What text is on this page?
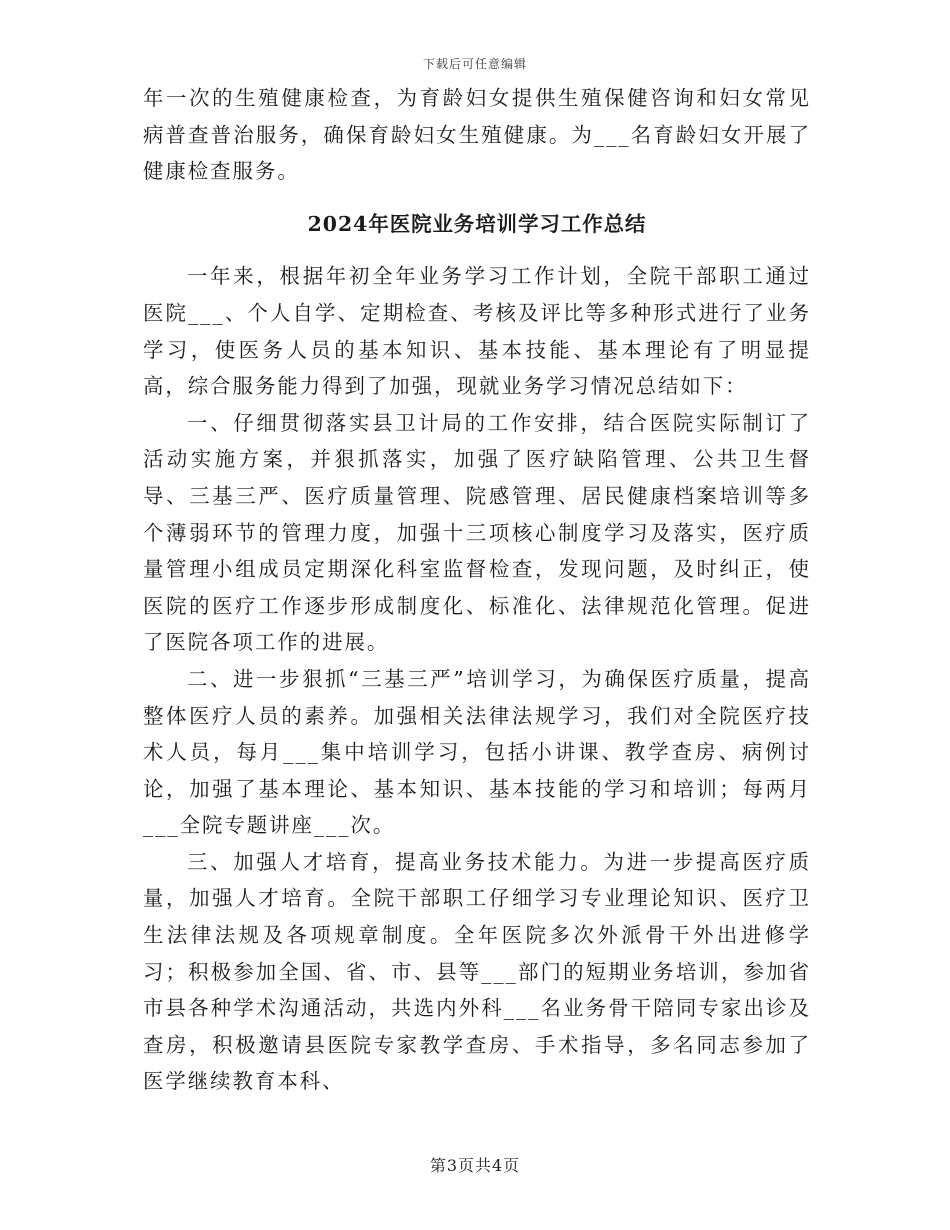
下载后可任意编辑

年一次的生殖健康检查，为育龄妇女提供生殖保健咨询和妇女常见病普查普治服务，确保育龄妇女生殖健康。为___名育龄妇女开展了健康检查服务。

2024年医院业务培训学习工作总结

一年来，根据年初全年业务学习工作计划，全院干部职工通过医院___、个人自学、定期检查、考核及评比等多种形式进行了业务学习，使医务人员的基本知识、基本技能、基本理论有了明显提高，综合服务能力得到了加强，现就业务学习情况总结如下：

一、仔细贯彻落实县卫计局的工作安排，结合医院实际制订了活动实施方案，并狠抓落实，加强了医疗缺陷管理、公共卫生督导、三基三严、医疗质量管理、院感管理、居民健康档案培训等多个薄弱环节的管理力度，加强十三项核心制度学习及落实，医疗质量管理小组成员定期深化科室监督检查，发现问题，及时纠正，使医院的医疗工作逐步形成制度化、标准化、法律规范化管理。促进了医院各项工作的进展。

二、进一步狠抓“三基三严”培训学习，为确保医疗质量，提高整体医疗人员的素养。加强相关法律法规学习，我们对全院医疗技术人员，每月___集中培训学习，包括小讲课、教学查房、病例讨论，加强了基本理论、基本知识、基本技能的学习和培训；每两月___全院专题讲座___次。

三、加强人才培育，提高业务技术能力。为进一步提高医疗质量，加强人才培育。全院干部职工仔细学习专业理论知识、医疗卫生法律法规及各项规章制度。全年医院多次外派骨干外出进修学习；积极参加全国、省、市、县等___部门的短期业务培训，参加省市县各种学术沟通活动，共选内外科___名业务骨干陪同专家出诊及查房，积极邀请县医院专家教学查房、手术指导，多名同志参加了医学继续教育本科、

第3页共4页
